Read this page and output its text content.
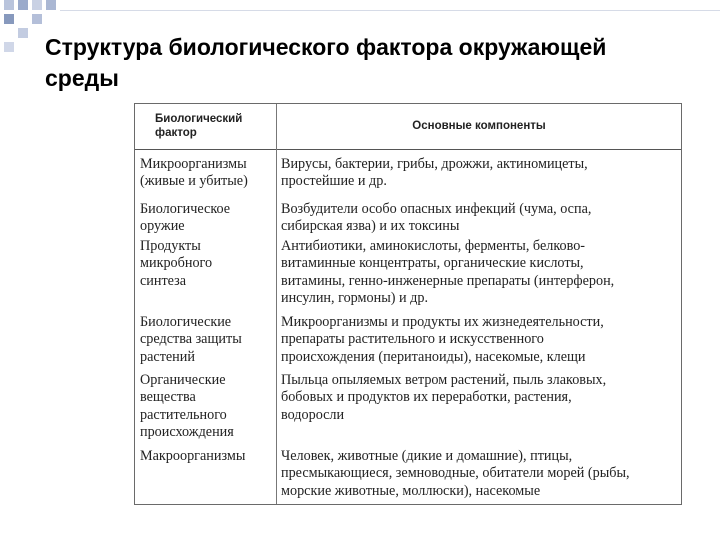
Структура биологического фактора окружающей среды
Биологический
фактор
Основные компоненты
Микроорганизмы
(живые и убитые)
Вирусы, бактерии, грибы, дрожжи, актиномицеты,
простейшие и др.
Биологическое
оружие
Возбудители особо опасных инфекций (чума, оспа,
сибирская язва) и их токсины
Продукты
микробного
синтеза
Антибиотики, аминокислоты, ферменты, белково-
витаминные концентраты, органические кислоты,
витамины, генно-инженерные препараты (интерферон,
инсулин, гормоны) и др.
Биологические
средства защиты
растений
Микроорганизмы и продукты их жизнедеятельности,
препараты растительного и искусственного
происхождения (пеританоиды), насекомые, клещи
Органические
вещества
растительного
происхождения
Пыльца опыляемых ветром растений, пыль злаковых,
бобовых и продуктов их переработки, растения,
водоросли
Макроорганизмы	Человек, животные (дикие и домашние), птицы,
пресмыкающиеся, земноводные, обитатели морей (рыбы,
морские животные, моллюски), насекомые
